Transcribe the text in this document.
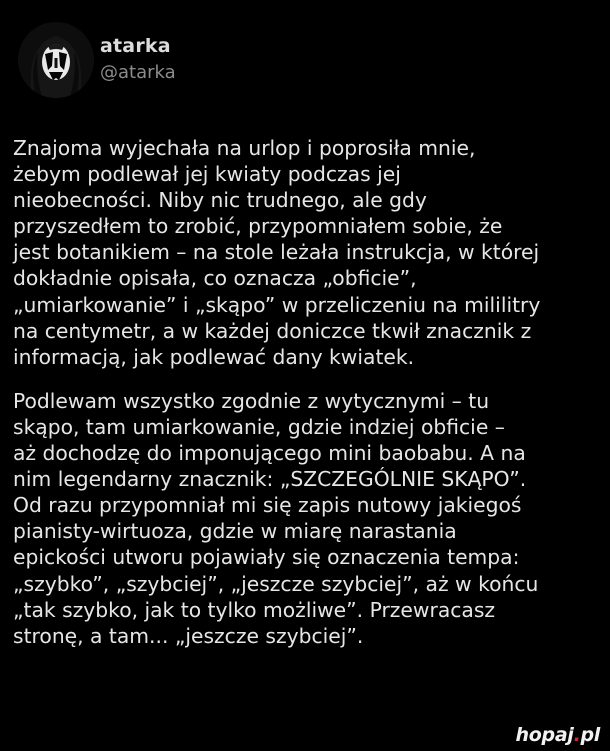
atarka
@atarka

Znajoma wyjechała na urlop i poprosiła mnie,
żebym podlewał jej kwiaty podczas jej
nieobecności. Niby nic trudnego, ale gdy
przyszedłem to zrobić, przypomniałem sobie, że
jest botanikiem – na stole leżała instrukcja, w której
dokładnie opisała, co oznacza „obficie”,
„umiarkowanie” i „skąpo” w przeliczeniu na mililitry
na centymetr, a w każdej doniczce tkwił znacznik z
informacją, jak podlewać dany kwiatek.

Podlewam wszystko zgodnie z wytycznymi – tu
skąpo, tam umiarkowanie, gdzie indziej obficie –
aż dochodzę do imponującego mini baobabu. A na
nim legendarny znacznik: „SZCZEGÓLNIE SKĄPO”.
Od razu przypomniał mi się zapis nutowy jakiegoś
pianisty-wirtuoza, gdzie w miarę narastania
epickości utworu pojawiały się oznaczenia tempa:
„szybko”, „szybciej”, „jeszcze szybciej”, aż w końcu
„tak szybko, jak to tylko możliwe”. Przewracasz
stronę, a tam... „jeszcze szybciej”.

hopaj.pl
